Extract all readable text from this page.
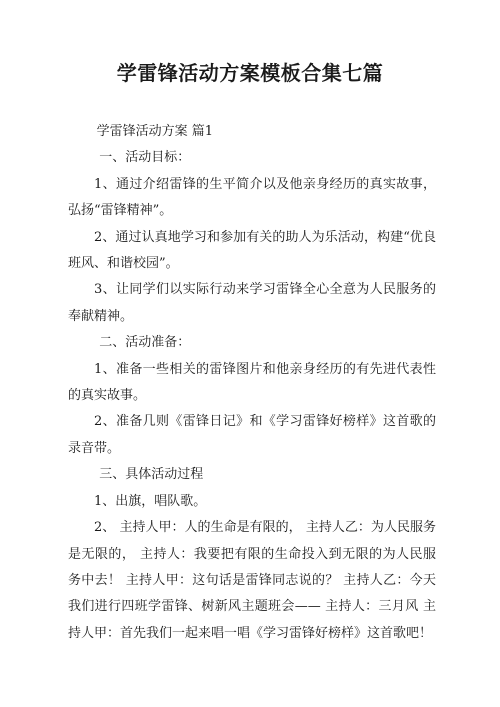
学雷锋活动方案模板合集七篇

学雷锋活动方案 篇1

一、活动目标：

1、通过介绍雷锋的生平简介以及他亲身经历的真实故事，弘扬“雷锋精神”。

2、通过认真地学习和参加有关的助人为乐活动，构建“优良班风、和谐校园”。

3、让同学们以实际行动来学习雷锋全心全意为人民服务的奉献精神。

二、活动准备：

1、准备一些相关的雷锋图片和他亲身经历的有先进代表性的真实故事。

2、准备几则《雷锋日记》和《学习雷锋好榜样》这首歌的录音带。

三、具体活动过程

1、出旗，唱队歌。

2、 主持人甲：人的生命是有限的， 主持人乙：为人民服务是无限的， 主持人：我要把有限的生命投入到无限的为人民服务中去！ 主持人甲：这句话是雷锋同志说的？ 主持人乙：今天我们进行四班学雷锋、树新风主题班会—— 主持人：三月风 主持人甲：首先我们一起来唱一唱《学习雷锋好榜样》这首歌吧！
